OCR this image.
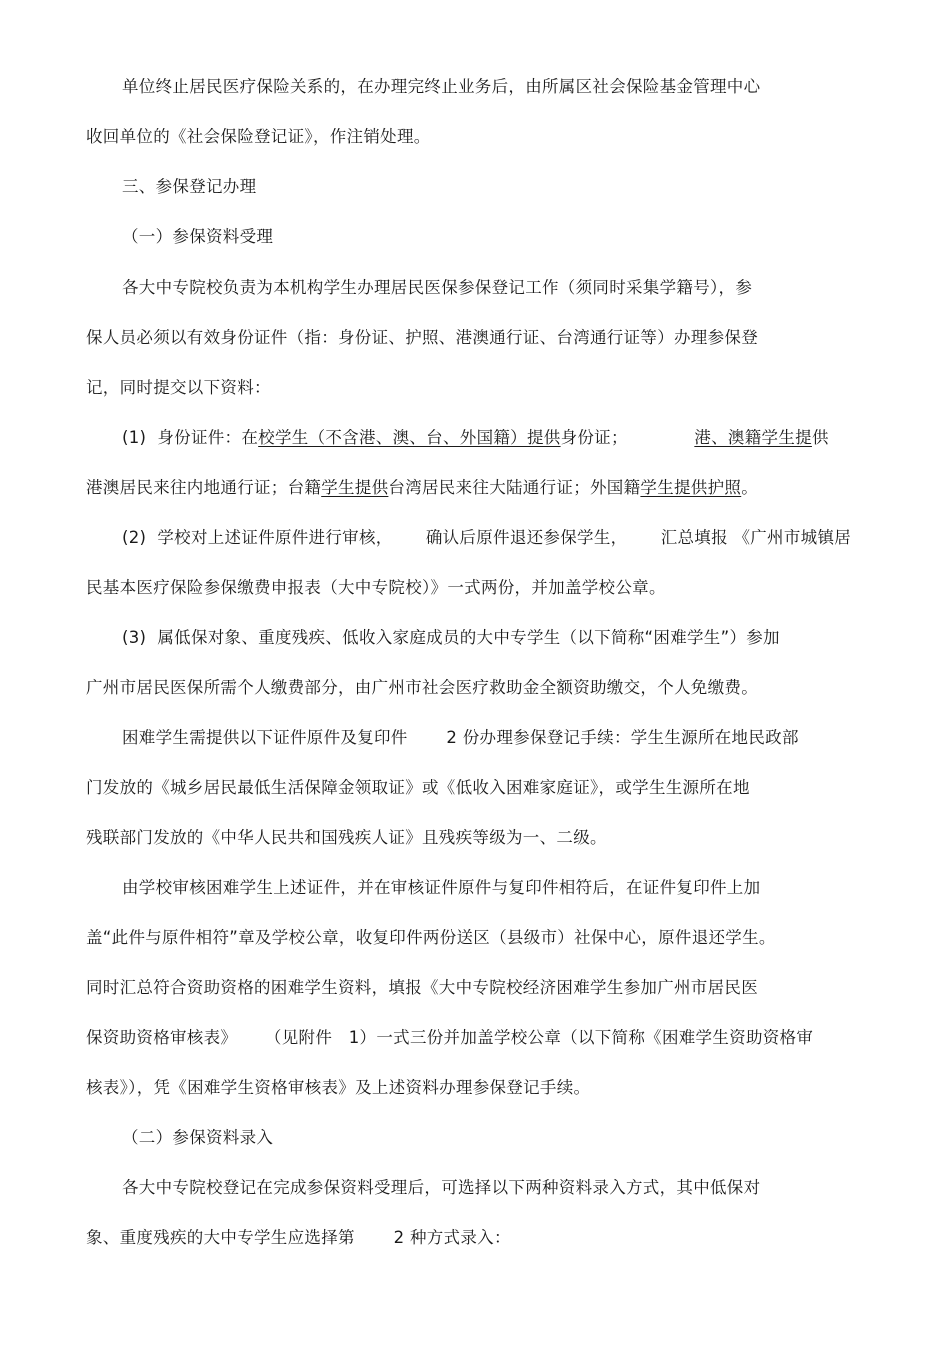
单位终止居民医疗保险关系的，在办理完终止业务后，由所属区社会保险基金管理中心
收回单位的《社会保险登记证》，作注销处理。
三、参保登记办理
（一）参保资料受理
各大中专院校负责为本机构学生办理居民医保参保登记工作（须同时采集学籍号），参
保人员必须以有效身份证件（指：身份证、护照、港澳通行证、台湾通行证等）办理参保登
记，同时提交以下资料：
(1)  身份证件：在校学生（不含港、澳、台、外国籍）提供身份证；	港、澳籍学生提供
港澳居民来往内地通行证；台籍学生提供台湾居民来往大陆通行证；外国籍学生提供护照。
(2)  学校对上述证件原件进行审核，      确认后原件退还参保学生，      汇总填报 《广州市城镇居
民基本医疗保险参保缴费申报表（大中专院校）》一式两份，并加盖学校公章。
(3)  属低保对象、重度残疾、低收入家庭成员的大中专学生（以下简称“困难学生”）参加
广州市居民医保所需个人缴费部分，由广州市社会医疗救助金全额资助缴交，个人免缴费。
困难学生需提供以下证件原件及复印件       2 份办理参保登记手续：学生生源所在地民政部
门发放的《城乡居民最低生活保障金领取证》或《低收入困难家庭证》，或学生生源所在地
残联部门发放的《中华人民共和国残疾人证》且残疾等级为一、二级。
由学校审核困难学生上述证件，并在审核证件原件与复印件相符后，在证件复印件上加
盖“此件与原件相符”章及学校公章，收复印件两份送区（县级市）社保中心，原件退还学生。
同时汇总符合资助资格的困难学生资料，填报《大中专院校经济困难学生参加广州市居民医
保资助资格审核表》     （见附件   1）一式三份并加盖学校公章（以下简称《困难学生资助资格审
核表》），凭《困难学生资格审核表》及上述资料办理参保登记手续。
（二）参保资料录入
各大中专院校登记在完成参保资料受理后，可选择以下两种资料录入方式，其中低保对
象、重度残疾的大中专学生应选择第       2 种方式录入：
